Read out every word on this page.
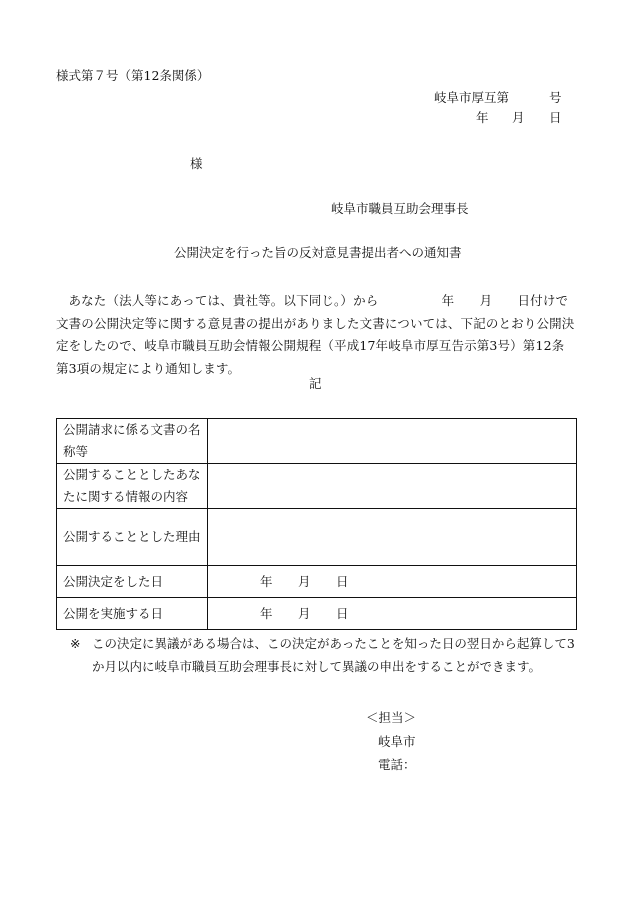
様式第７号（第12条関係）
岐阜市厚互第	号
年 月 日
様
岐阜市職員互助会理事長
公開決定を行った旨の反対意見書提出者への通知書

あなた（法人等にあっては、貴社等。以下同じ。）から　　　　　年　　月　　日付けで文書の公開決定等に関する意見書の提出がありました文書については、下記のとおり公開決定をしたので、岐阜市職員互助会情報公開規程（平成17年岐阜市厚互告示第3号）第12条第3項の規定により通知します。

記
公開請求に係る文書の名称等	
公開することとしたあなたに関する情報の内容	
公開することとした理由	
公開決定をした日	年 月 日

公開を実施する日	年 月 日
※ この決定に異議がある場合は、この決定があったことを知った日の翌日から起算して3か月以内に岐阜市職員互助会理事長に対して異議の申出をすることができます。
＜担当＞
岐阜市
電話：
